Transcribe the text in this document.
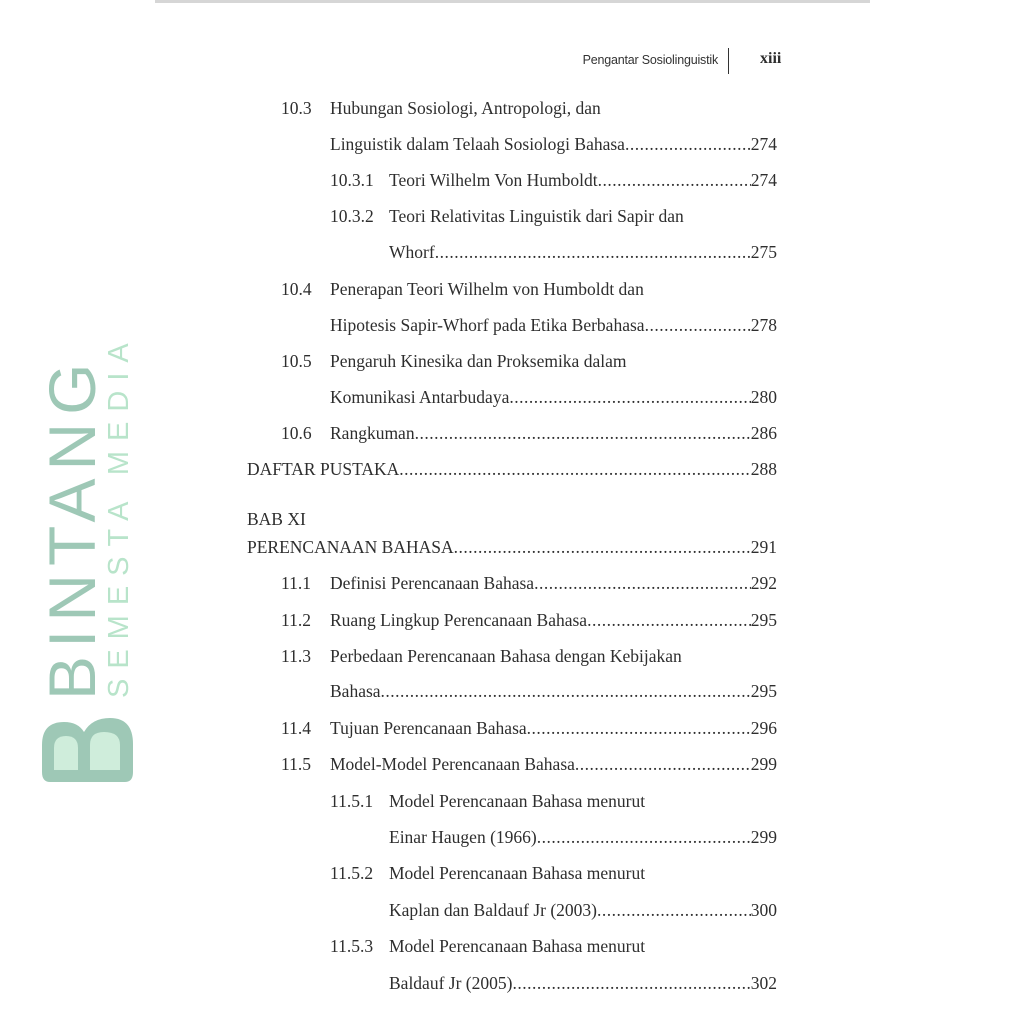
Pengantar Sosiolinguistik	xiii
BINTANG
SEMESTA MEDIA
10.3 Hubungan Sosiologi, Antropologi, dan
Linguistik dalam Telaah Sosiologi Bahasa .....	274
10.3.1 Teori Wilhelm Von Humboldt .....	274
10.3.2 Teori Relativitas Linguistik dari Sapir dan
Whorf .....	275
10.4 Penerapan Teori Wilhelm von Humboldt dan
Hipotesis Sapir-Whorf pada Etika Berbahasa .....	278
10.5 Pengaruh Kinesika dan Proksemika dalam
Komunikasi Antarbudaya .....	280
10.6 Rangkuman .....	286
DAFTAR PUSTAKA .....	288
BAB XI
PERENCANAAN BAHASA .....	291
11.1 Definisi Perencanaan Bahasa .....	292
11.2 Ruang Lingkup Perencanaan Bahasa .....	295
11.3 Perbedaan Perencanaan Bahasa dengan Kebijakan
Bahasa .....	295
11.4 Tujuan Perencanaan Bahasa .....	296
11.5 Model-Model Perencanaan Bahasa .....	299
11.5.1 Model Perencanaan Bahasa menurut
Einar Haugen (1966) .....	299
11.5.2 Model Perencanaan Bahasa menurut
Kaplan dan Baldauf Jr (2003) .....	300
11.5.3 Model Perencanaan Bahasa menurut
Baldauf Jr (2005) .....	302
